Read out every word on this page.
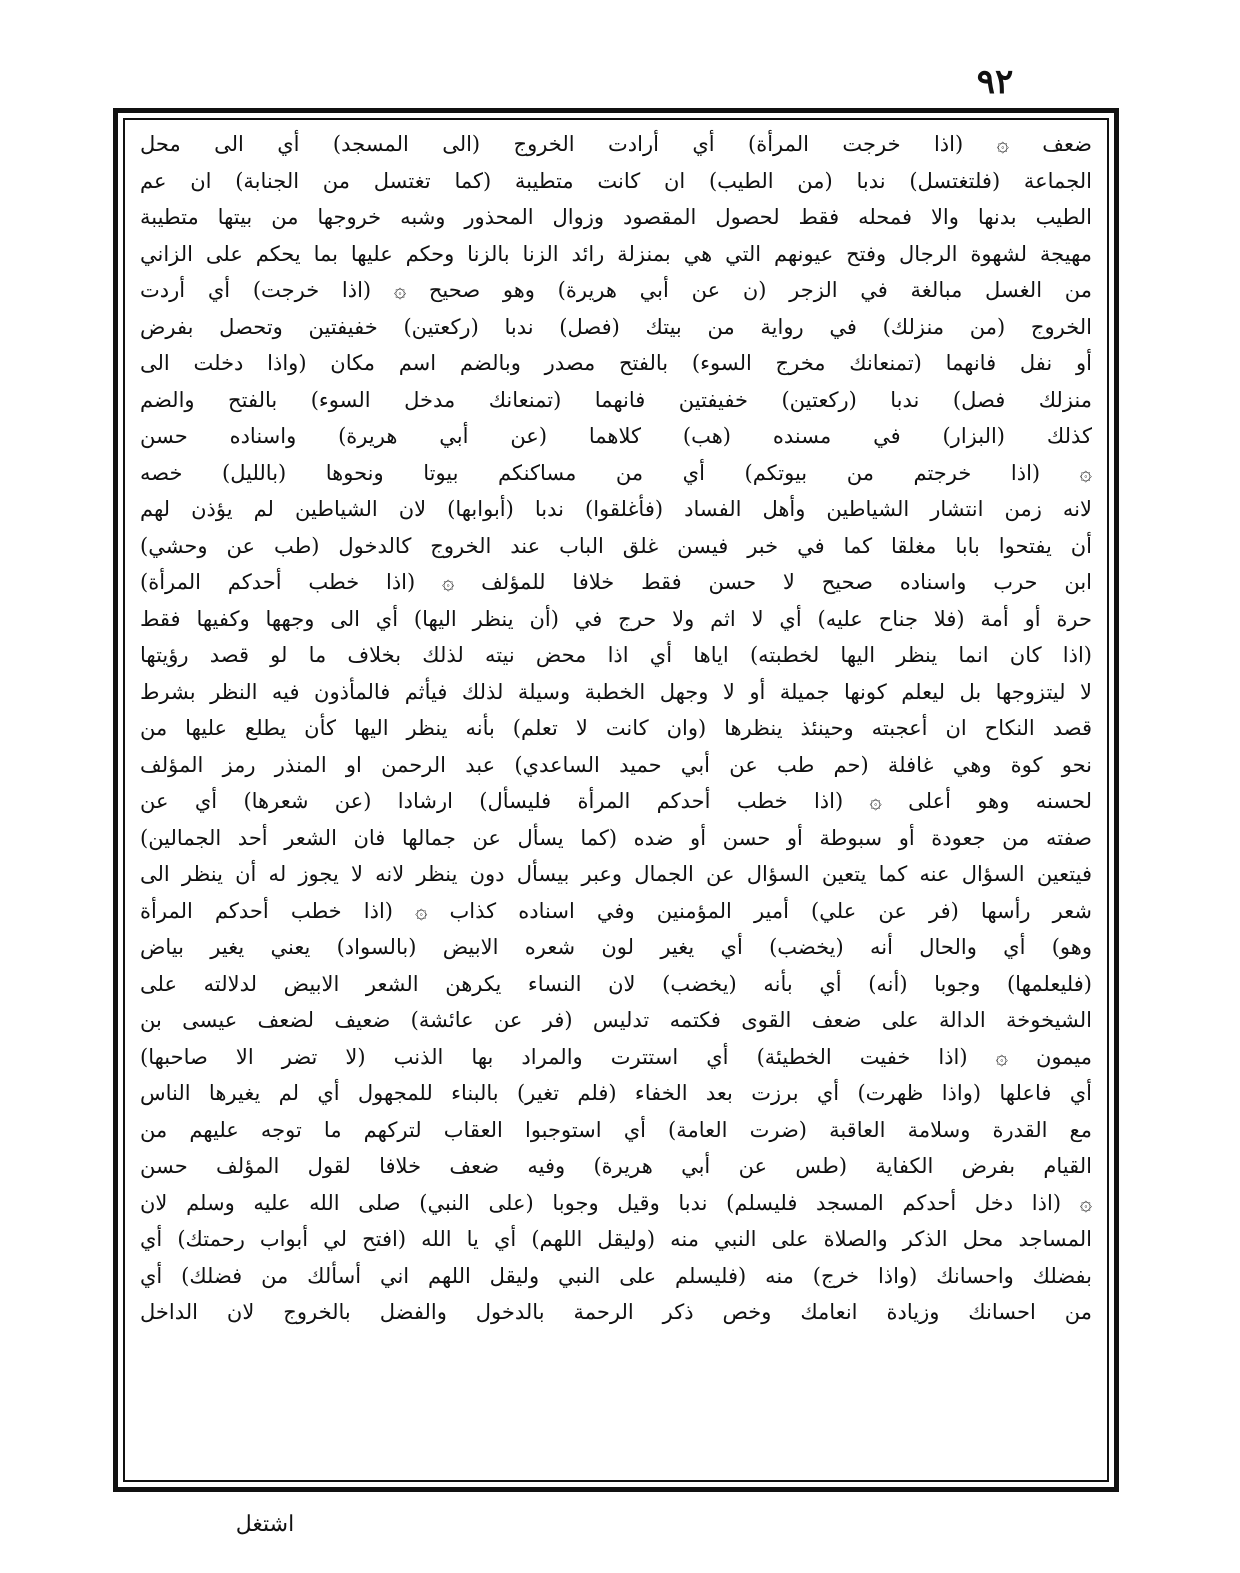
٩٢
ضعف ۞ (اذا خرجت المرأة) أي أرادت الخروج (الى المسجد) أي الى محل
الجماعة (فلتغتسل) ندبا (من الطيب) ان كانت متطيبة (كما تغتسل من الجنابة) ان عم
الطيب بدنها والا فمحله فقط لحصول المقصود وزوال المحذور وشبه خروجها من بيتها متطيبة
مهيجة لشهوة الرجال وفتح عيونهم التي هي بمنزلة رائد الزنا بالزنا وحكم عليها بما يحكم على الزاني
من الغسل مبالغة في الزجر (ن عن أبي هريرة) وهو صحيح ۞ (اذا خرجت) أي أردت
الخروج (من منزلك) في رواية من بيتك (فصل) ندبا (ركعتين) خفيفتين وتحصل بفرض
أو نفل فانهما (تمنعانك مخرج السوء) بالفتح مصدر وبالضم اسم مكان (واذا دخلت الى
منزلك فصل) ندبا (ركعتين) خفيفتين فانهما (تمنعانك مدخل السوء) بالفتح والضم
كذلك (البزار) في مسنده (هب) كلاهما (عن أبي هريرة) واسناده حسن
۞ (اذا خرجتم من بيوتكم) أي من مساكنكم بيوتا ونحوها (بالليل) خصه
لانه زمن انتشار الشياطين وأهل الفساد (فأغلقوا) ندبا (أبوابها) لان الشياطين لم يؤذن لهم
أن يفتحوا بابا مغلقا كما في خبر فيسن غلق الباب عند الخروج كالدخول (طب عن وحشي)
ابن حرب واسناده صحيح لا حسن فقط خلافا للمؤلف ۞ (اذا خطب أحدكم المرأة)
حرة أو أمة (فلا جناح عليه) أي لا اثم ولا حرج في (أن ينظر اليها) أي الى وجهها وكفيها فقط
(اذا كان انما ينظر اليها لخطبته) اياها أي اذا محض نيته لذلك بخلاف ما لو قصد رؤيتها
لا ليتزوجها بل ليعلم كونها جميلة أو لا وجهل الخطبة وسيلة لذلك فيأثم فالمأذون فيه النظر بشرط
قصد النكاح ان أعجبته وحينئذ ينظرها (وان كانت لا تعلم) بأنه ينظر اليها كأن يطلع عليها من
نحو كوة وهي غافلة (حم طب عن أبي حميد الساعدي) عبد الرحمن او المنذر رمز المؤلف
لحسنه وهو أعلى ۞ (اذا خطب أحدكم المرأة فليسأل) ارشادا (عن شعرها) أي عن
صفته من جعودة أو سبوطة أو حسن أو ضده (كما يسأل عن جمالها فان الشعر أحد الجمالين)
فيتعين السؤال عنه كما يتعين السؤال عن الجمال وعبر بيسأل دون ينظر لانه لا يجوز له أن ينظر الى
شعر رأسها (فر عن علي) أمير المؤمنين وفي اسناده كذاب ۞ (اذا خطب أحدكم المرأة
وهو) أي والحال أنه (يخضب) أي يغير لون شعره الابيض (بالسواد) يعني يغير بياض
(فليعلمها) وجوبا (أنه) أي بأنه (يخضب) لان النساء يكرهن الشعر الابيض لدلالته على
الشيخوخة الدالة على ضعف القوى فكتمه تدليس (فر عن عائشة) ضعيف لضعف عيسى بن
ميمون ۞ (اذا خفيت الخطيئة) أي استترت والمراد بها الذنب (لا تضر الا صاحبها)
أي فاعلها (واذا ظهرت) أي برزت بعد الخفاء (فلم تغير) بالبناء للمجهول أي لم يغيرها الناس
مع القدرة وسلامة العاقبة (ضرت العامة) أي استوجبوا العقاب لتركهم ما توجه عليهم من
القيام بفرض الكفاية (طس عن أبي هريرة) وفيه ضعف خلافا لقول المؤلف حسن
۞ (اذا دخل أحدكم المسجد فليسلم) ندبا وقيل وجوبا (على النبي) صلى الله عليه وسلم لان
المساجد محل الذكر والصلاة على النبي منه (وليقل اللهم) أي يا الله (افتح لي أبواب رحمتك) أي
بفضلك واحسانك (واذا خرج) منه (فليسلم على النبي وليقل اللهم اني أسألك من فضلك) أي
من احسانك وزيادة انعامك وخص ذكر الرحمة بالدخول والفضل بالخروج لان الداخل
اشتغل
